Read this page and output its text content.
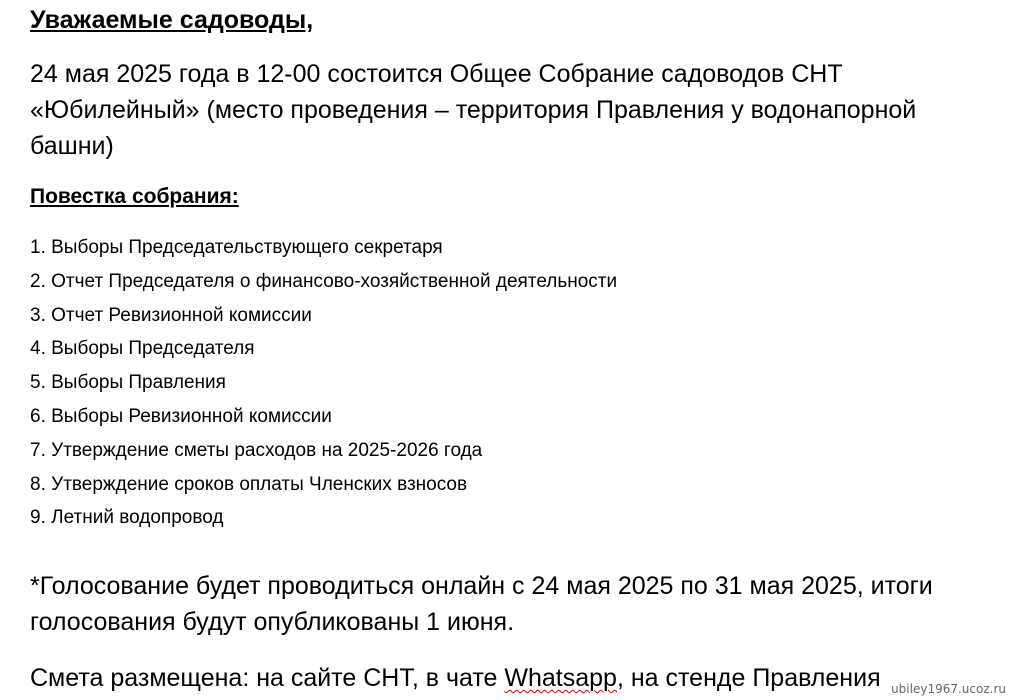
Уважаемые садоводы,
24 мая 2025 года в 12-00 состоится Общее Собрание садоводов СНТ «Юбилейный» (место проведения – территория Правления у водонапорной башни)
Повестка собрания:
1. Выборы Председательствующего секретаря
2. Отчет Председателя о финансово-хозяйственной деятельности
3. Отчет Ревизионной комиссии
4. Выборы Председателя
5. Выборы Правления
6. Выборы Ревизионной комиссии
7. Утверждение сметы расходов на 2025-2026 года
8. Утверждение сроков оплаты Членских взносов
9. Летний водопровод
*Голосование будет проводиться онлайн с 24 мая 2025 по 31 мая 2025, итоги голосования будут опубликованы 1 июня.
Смета размещена: на сайте СНТ, в чате Whatsapp, на стенде Правления ubiley1967.ucoz.ru
